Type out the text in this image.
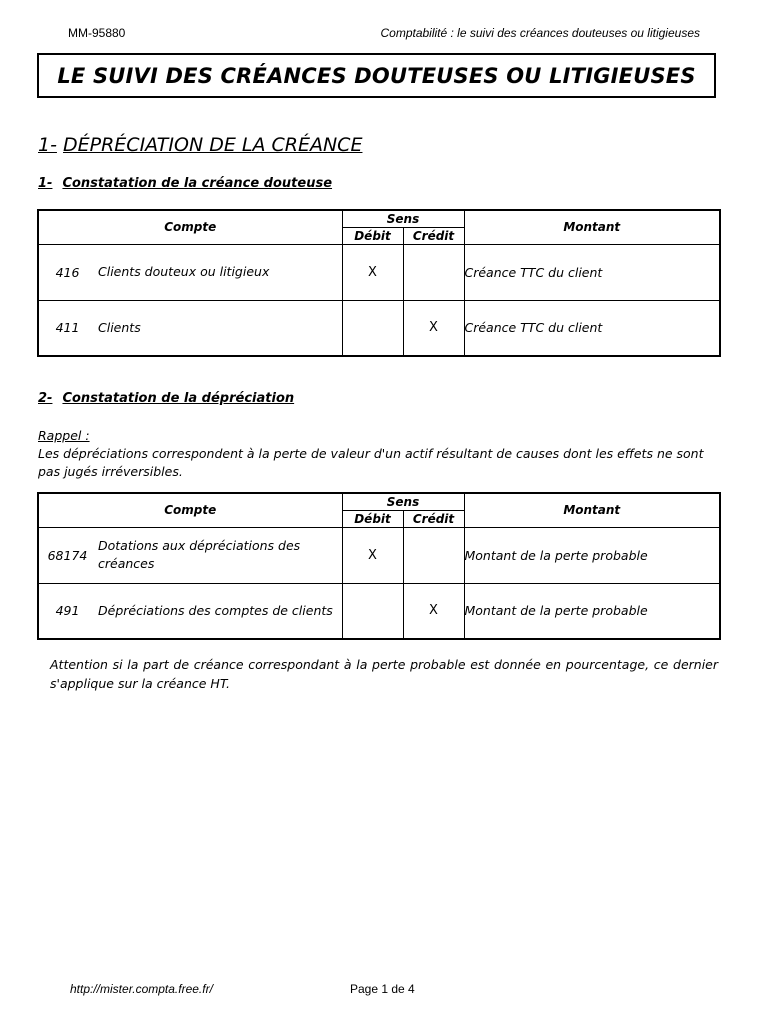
MM-95880	Comptabilité : le suivi des créances douteuses ou litigieuses
LE SUIVI DES CRÉANCES DOUTEUSES OU LITIGIEUSES
1- DÉPRÉCIATION DE LA CRÉANCE
1- Constatation de la créance douteuse
Compte		Sens		Montant
		Débit	Crédit	
416	Clients douteux ou litigieux	X		Créance TTC du client
411	Clients		X	Créance TTC du client
2- Constatation de la dépréciation
Rappel :
Les dépréciations correspondent à la perte de valeur d'un actif résultant de causes dont les effets ne sont pas jugés irréversibles.
Compte		Sens		Montant
		Débit	Crédit	
68174	Dotations aux dépréciations des créances	X		Montant de la perte probable
491	Dépréciations des comptes de clients		X	Montant de la perte probable
Attention si la part de créance correspondant à la perte probable est donnée en pourcentage, ce dernier s'applique sur la créance HT.
http://mister.compta.free.fr/	Page 1 de 4
